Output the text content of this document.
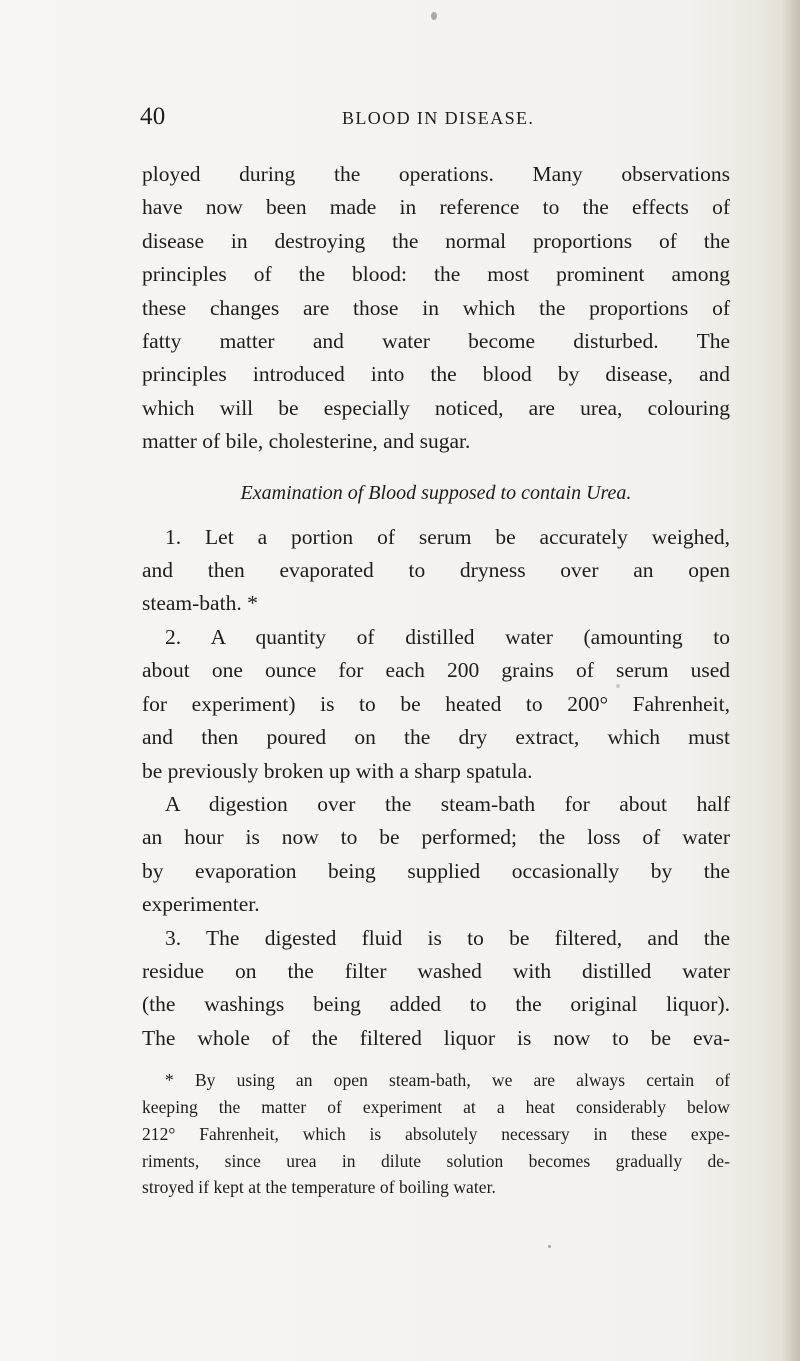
40	BLOOD IN DISEASE.
ployed during the operations. Many observations
have now been made in reference to the effects of
disease in destroying the normal proportions of the
principles of the blood: the most prominent among
these changes are those in which the proportions of
fatty matter and water become disturbed. The
principles introduced into the blood by disease, and
which will be especially noticed, are urea, colouring
matter of bile, cholesterine, and sugar.
Examination of Blood supposed to contain Urea.
1. Let a portion of serum be accurately weighed,
and then evaporated to dryness over an open
steam-bath. *
2. A quantity of distilled water (amounting to
about one ounce for each 200 grains of serum used
for experiment) is to be heated to 200° Fahrenheit,
and then poured on the dry extract, which must
be previously broken up with a sharp spatula.
A digestion over the steam-bath for about half
an hour is now to be performed; the loss of water
by evaporation being supplied occasionally by the
experimenter.
3. The digested fluid is to be filtered, and the
residue on the filter washed with distilled water
(the washings being added to the original liquor).
The whole of the filtered liquor is now to be eva-
* By using an open steam-bath, we are always certain of
keeping the matter of experiment at a heat considerably below
212° Fahrenheit, which is absolutely necessary in these expe-
riments, since urea in dilute solution becomes gradually de-
stroyed if kept at the temperature of boiling water.
